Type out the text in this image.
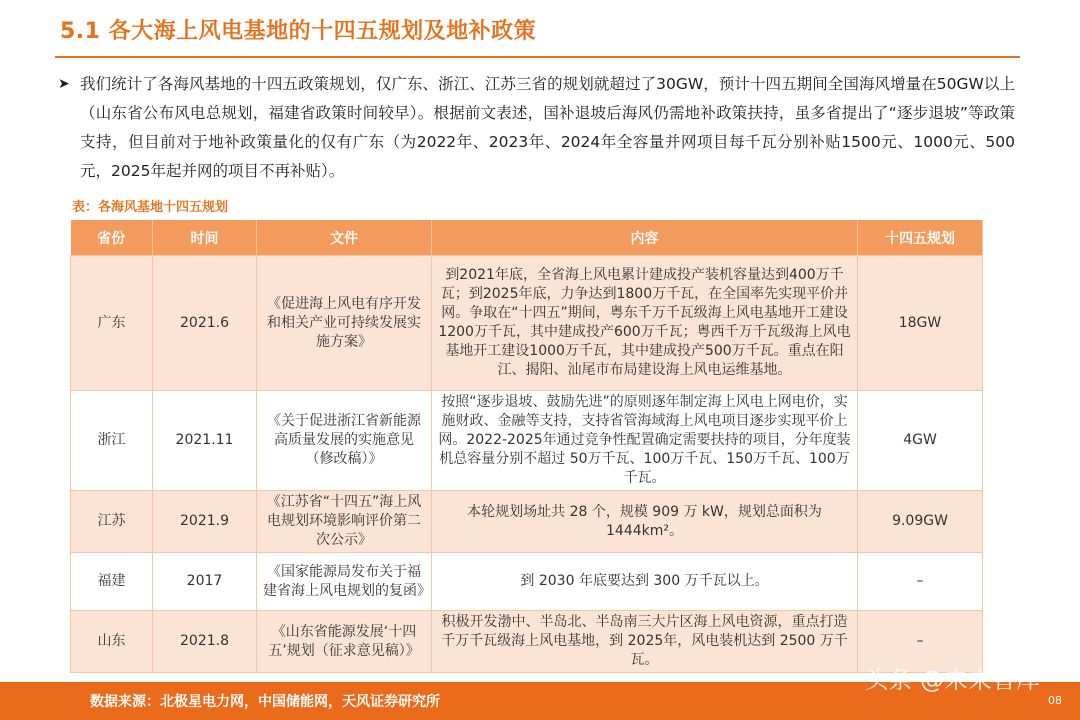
5.1 各大海上风电基地的十四五规划及地补政策
➤ 我们统计了各海风基地的十四五政策规划，仅广东、浙江、江苏三省的规划就超过了30GW，预计十四五期间全国海风增量在50GW以上（山东省公布风电总规划，福建省政策时间较早）。根据前文表述，国补退坡后海风仍需地补政策扶持，虽多省提出了“逐步退坡”等政策支持，但目前对于地补政策量化的仅有广东（为2022年、2023年、2024年全容量并网项目每千瓦分别补贴1500元、1000元、500元，2025年起并网的项目不再补贴）。
表：各海风基地十四五规划
省份	时间	文件	内容	十四五规划
广东	2021.6	《促进海上风电有序开发和相关产业可持续发展实施方案》	到2021年底，全省海上风电累计建成投产装机容量达到400万千瓦；到2025年底，力争达到1800万千瓦，在全国率先实现平价并网。争取在“十四五”期间，粤东千万千瓦级海上风电基地开工建设1200万千瓦，其中建成投产600万千瓦；粤西千万千瓦级海上风电基地开工建设1000万千瓦，其中建成投产500万千瓦。重点在阳江、揭阳、汕尾市布局建设海上风电运维基地。	18GW
浙江	2021.11	《关于促进浙江省新能源高质量发展的实施意见（修改稿）》	按照“逐步退坡、鼓励先进”的原则逐年制定海上风电上网电价，实施财政、金融等支持，支持省管海域海上风电项目逐步实现平价上网。2022-2025年通过竞争性配置确定需要扶持的项目，分年度装机总容量分别不超过 50万千瓦、100万千瓦、150万千瓦、100万千瓦。	4GW
江苏	2021.9	《江苏省“十四五”海上风电规划环境影响评价第二次公示》	本轮规划场址共 28 个，规模 909 万 kW，规划总面积为 1444km²。	9.09GW
福建	2017	《国家能源局发布关于福建省海上风电规划的复函》	到 2030 年底要达到 300 万千瓦以上。	–
山东	2021.8	《山东省能源发展‘十四五’规划（征求意见稿）》	积极开发渤中、半岛北、半岛南三大片区海上风电资源，重点打造千万千瓦级海上风电基地，到 2025年，风电装机达到 2500 万千瓦。	–
数据来源：北极星电力网，中国储能网，天风证券研究所
头条 @未来智库
08
